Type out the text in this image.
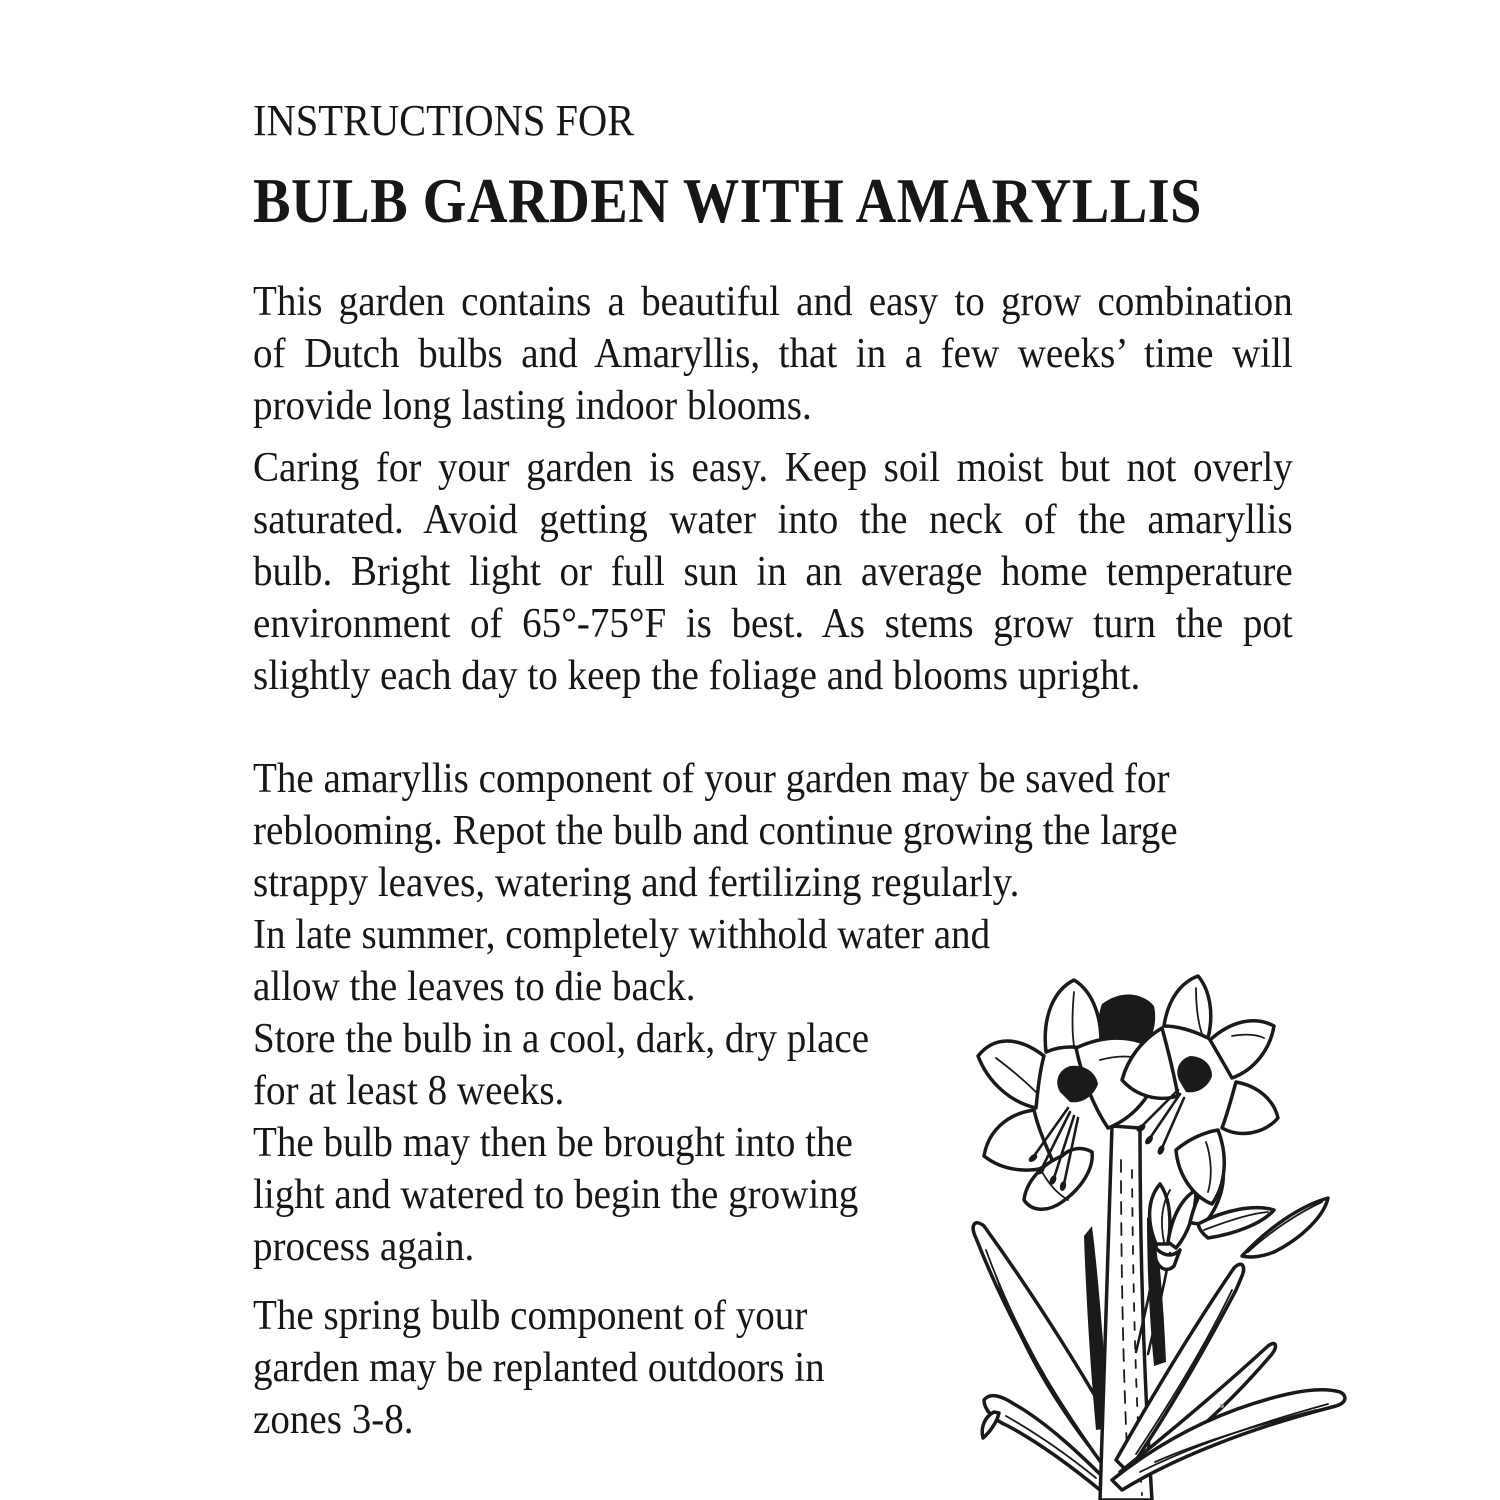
INSTRUCTIONS FOR
BULB GARDEN WITH AMARYLLIS
This garden contains a beautiful and easy to grow combination
of Dutch bulbs and Amaryllis, that in a few weeks’ time will
provide long lasting indoor blooms.
Caring for your garden is easy. Keep soil moist but not overly
saturated. Avoid getting water into the neck of the amaryllis
bulb. Bright light or full sun in an average home temperature
environment of 65°-75°F is best. As stems grow turn the pot
slightly each day to keep the foliage and blooms upright.
The amaryllis component of your garden may be saved for
reblooming. Repot the bulb and continue growing the large
strappy leaves, watering and fertilizing regularly.
In late summer, completely withhold water and
allow the leaves to die back.
Store the bulb in a cool, dark, dry place
for at least 8 weeks.
The bulb may then be brought into the
light and watered to begin the growing
process again.
The spring bulb component of your
garden may be replanted outdoors in
zones 3-8.
